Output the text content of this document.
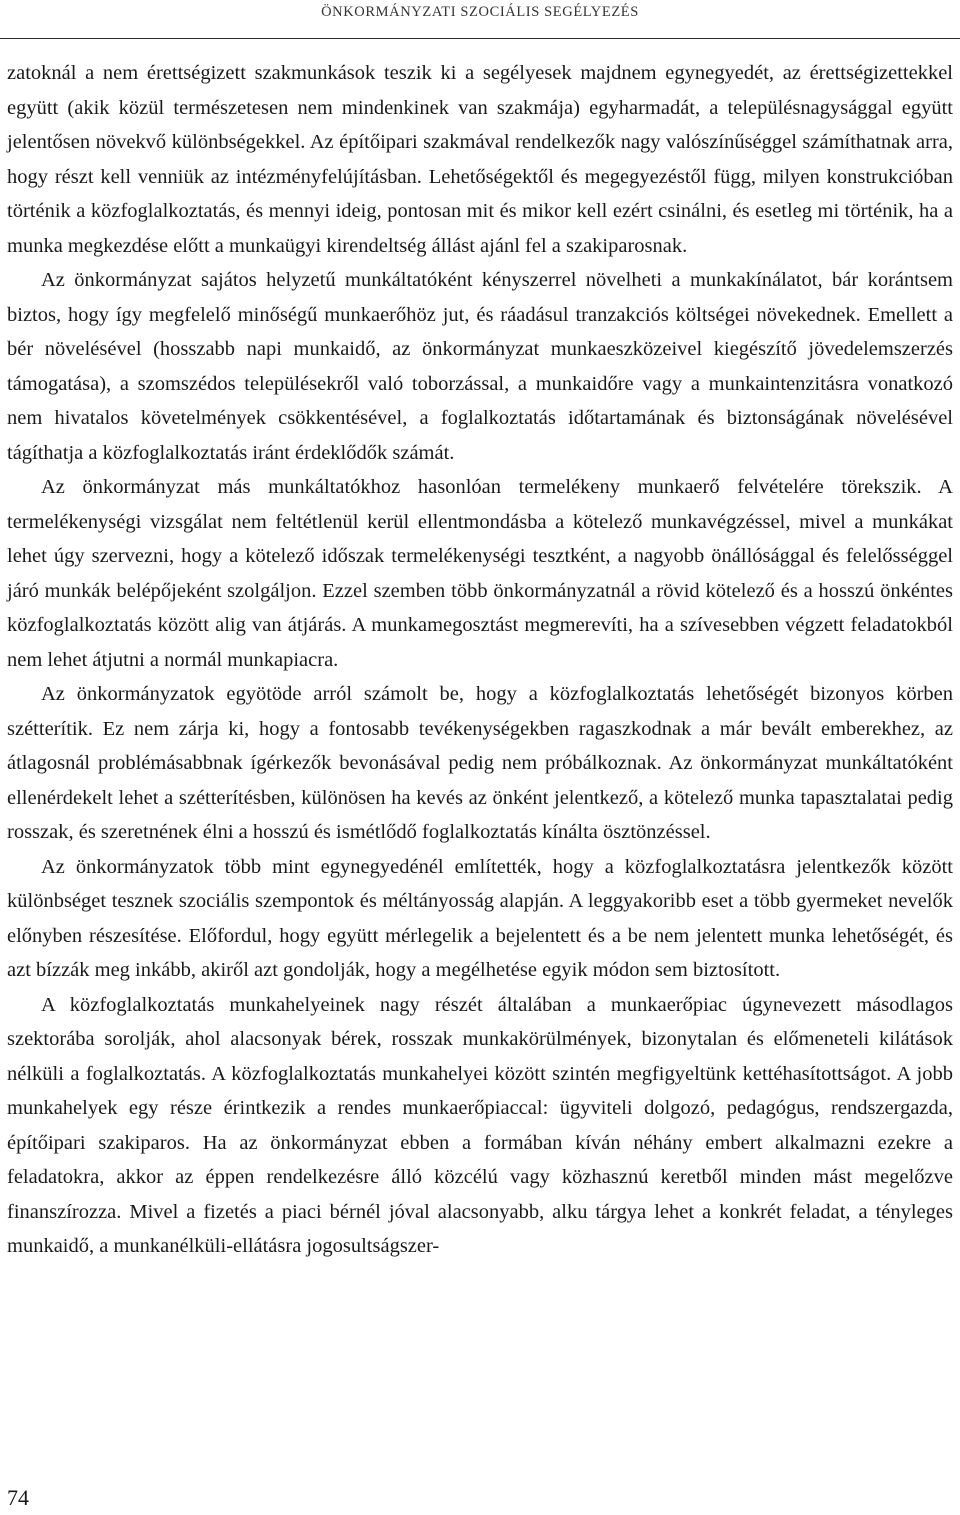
ÖNKORMÁNYZATI SZOCIÁLIS SEGÉLYEZÉS

zatoknál a nem érettségizett szakmunkások teszik ki a segélyesek majdnem egynegyedét, az érettségizettekkel együtt (akik közül természetesen nem mindenkinek van szakmája) egyharmadát, a településnagysággal együtt jelentősen növekvő különbségekkel. Az építőipari szakmával rendelkezők nagy valószínűséggel számíthatnak arra, hogy részt kell venniük az intézményfelújításban. Lehetőségektől és megegyezéstől függ, milyen konstrukcióban történik a közfoglalkoztatás, és mennyi ideig, pontosan mit és mikor kell ezért csinálni, és esetleg mi történik, ha a munka megkezdése előtt a munkaügyi kirendeltség állást ajánl fel a szakiparosnak.

Az önkormányzat sajátos helyzetű munkáltatóként kényszerrel növelheti a munkakínálatot, bár korántsem biztos, hogy így megfelelő minőségű munkaerőhöz jut, és ráadásul tranzakciós költségei növekednek. Emellett a bér növelésével (hosszabb napi munkaidő, az önkormányzat munkaeszközeivel kiegészítő jövedelemszerzés támogatása), a szomszédos településekről való toborzással, a munkaidőre vagy a munkaintenzitásra vonatkozó nem hivatalos követelmények csökkentésével, a foglalkoztatás időtartamának és biztonságának növelésével tágíthatja a közfoglalkoztatás iránt érdeklődők számát.

Az önkormányzat más munkáltatókhoz hasonlóan termelékeny munkaerő felvételére törekszik. A termelékenységi vizsgálat nem feltétlenül kerül ellentmondásba a kötelező munkavégzéssel, mivel a munkákat lehet úgy szervezni, hogy a kötelező időszak termelékenységi tesztként, a nagyobb önállósággal és felelősséggel járó munkák belépőjeként szolgáljon. Ezzel szemben több önkormányzatnál a rövid kötelező és a hosszú önkéntes közfoglalkoztatás között alig van átjárás. A munkamegosztást megmerevíti, ha a szívesebben végzett feladatokból nem lehet átjutni a normál munkapiacra.

Az önkormányzatok egyötöde arról számolt be, hogy a közfoglalkoztatás lehetőségét bizonyos körben szétterítik. Ez nem zárja ki, hogy a fontosabb tevékenységekben ragaszkodnak a már bevált emberekhez, az átlagosnál problémásabbnak ígérkezők bevonásával pedig nem próbálkoznak. Az önkormányzat munkáltatóként ellenérdekelt lehet a szétterítésben, különösen ha kevés az önként jelentkező, a kötelező munka tapasztalatai pedig rosszak, és szeretnének élni a hosszú és ismétlődő foglalkoztatás kínálta ösztönzéssel.

Az önkormányzatok több mint egynegyedénél említették, hogy a közfoglalkoztatásra jelentkezők között különbséget tesznek szociális szempontok és méltányosság alapján. A leggyakoribb eset a több gyermeket nevelők előnyben részesítése. Előfordul, hogy együtt mérlegelik a bejelentett és a be nem jelentett munka lehetőségét, és azt bízzák meg inkább, akiről azt gondolják, hogy a megélhetése egyik módon sem biztosított.

A közfoglalkoztatás munkahelyeinek nagy részét általában a munkaerőpiac úgynevezett másodlagos szektorába sorolják, ahol alacsonyak bérek, rosszak munkakörülmények, bizonytalan és előmeneteli kilátások nélküli a foglalkoztatás. A közfoglalkoztatás munkahelyei között szintén megfigyeltünk kettéhasítottságot. A jobb munkahelyek egy része érintkezik a rendes munkaerőpiaccal: ügyviteli dolgozó, pedagógus, rendszergazda, építőipari szakiparos. Ha az önkormányzat ebben a formában kíván néhány embert alkalmazni ezekre a feladatokra, akkor az éppen rendelkezésre álló közcélú vagy közhasznú keretből minden mást megelőzve finanszírozza. Mivel a fizetés a piaci bérnél jóval alacsonyabb, alku tárgya lehet a konkrét feladat, a tényleges munkaidő, a munkanélküli-ellátásra jogosultságszer-

74
